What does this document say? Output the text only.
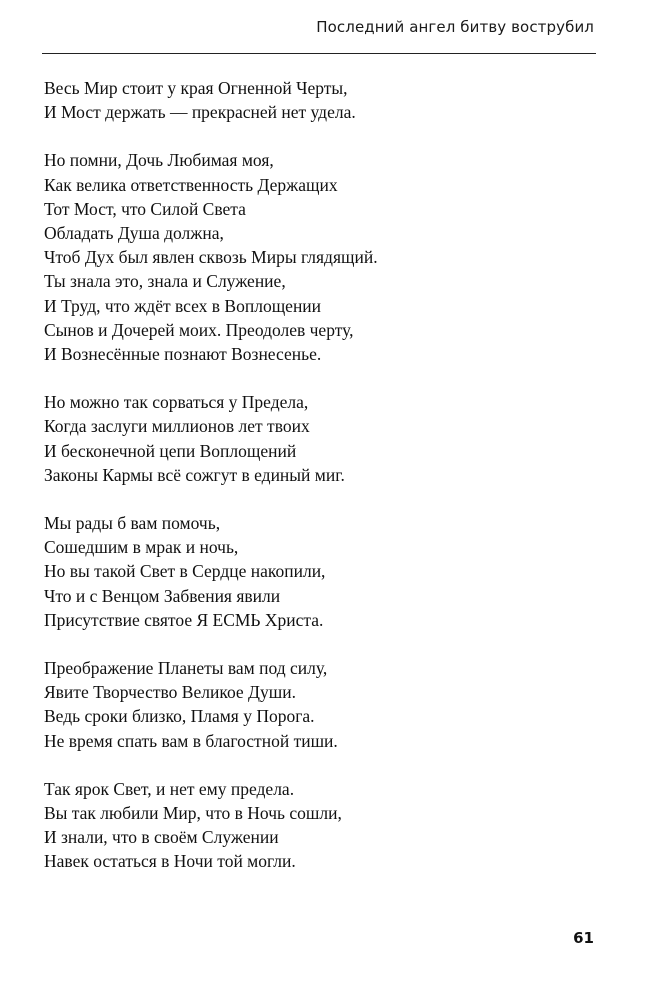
Последний ангел битву вострубил
Весь Мир стоит у края Огненной Черты,
И Мост держать — прекрасней нет удела.
Но помни, Дочь Любимая моя,
Как велика ответственность Держащих
Тот Мост, что Силой Света
Обладать Душа должна,
Чтоб Дух был явлен сквозь Миры глядящий.
Ты знала это, знала и Служение,
И Труд, что ждёт всех в Воплощении
Сынов и Дочерей моих. Преодолев черту,
И Вознесённые познают Вознесенье.
Но можно так сорваться у Предела,
Когда заслуги миллионов лет твоих
И бесконечной цепи Воплощений
Законы Кармы всё сожгут в единый миг.
Мы рады б вам помочь,
Сошедшим в мрак и ночь,
Но вы такой Свет в Сердце накопили,
Что и с Венцом Забвения явили
Присутствие святое Я ЕСМЬ Христа.
Преображение Планеты вам под силу,
Явите Творчество Великое Души.
Ведь сроки близко, Пламя у Порога.
Не время спать вам в благостной тиши.
Так ярок Свет, и нет ему предела.
Вы так любили Мир, что в Ночь сошли,
И знали, что в своём Служении
Навек остаться в Ночи той могли.
61
